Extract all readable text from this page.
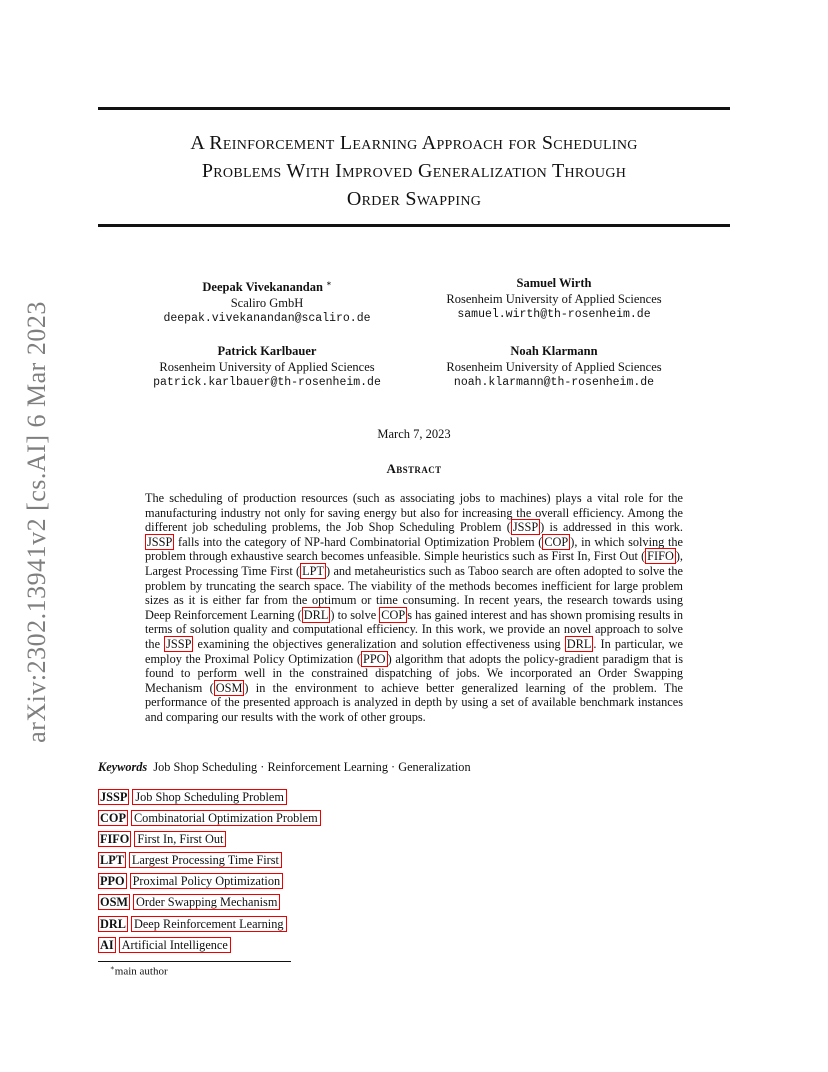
arXiv:2302.13941v2 [cs.AI] 6 Mar 2023
A Reinforcement Learning Approach for Scheduling
Problems With Improved Generalization Through
Order Swapping
Deepak Vivekanandan ∗
Scaliro GmbH
deepak.vivekanandan@scaliro.de
Samuel Wirth
Rosenheim University of Applied Sciences
samuel.wirth@th-rosenheim.de
Patrick Karlbauer
Rosenheim University of Applied Sciences
patrick.karlbauer@th-rosenheim.de
Noah Klarmann
Rosenheim University of Applied Sciences
noah.klarmann@th-rosenheim.de
March 7, 2023
Abstract
The scheduling of production resources (such as associating jobs to machines) plays a vital role for the manufacturing industry not only for saving energy but also for increasing the overall efficiency. Among the different job scheduling problems, the Job Shop Scheduling Problem ( JSSP ) is addressed in this work. JSSP falls into the category of NP-hard Combinatorial Optimization Problem ( COP ), in which solving the problem through exhaustive search becomes unfeasible. Simple heuristics such as First In, First Out ( FIFO ), Largest Processing Time First ( LPT ) and metaheuristics such as Taboo search are often adopted to solve the problem by truncating the search space. The viability of the methods becomes inefficient for large problem sizes as it is either far from the optimum or time consuming. In recent years, the research towards using Deep Reinforcement Learning ( DRL ) to solve COP s has gained interest and has shown promising results in terms of solution quality and computational efficiency. In this work, we provide an novel approach to solve the JSSP examining the objectives generalization and solution effectiveness using DRL . In particular, we employ the Proximal Policy Optimization ( PPO ) algorithm that adopts the policy-gradient paradigm that is found to perform well in the constrained dispatching of jobs. We incorporated an Order Swapping Mechanism ( OSM ) in the environment to achieve better generalized learning of the problem. The performance of the presented approach is analyzed in depth by using a set of available benchmark instances and comparing our results with the work of other groups.
Keywords Job Shop Scheduling · Reinforcement Learning · Generalization
JSSP Job Shop Scheduling Problem
COP Combinatorial Optimization Problem
FIFO First In, First Out
LPT Largest Processing Time First
PPO Proximal Policy Optimization
OSM Order Swapping Mechanism
DRL Deep Reinforcement Learning
AI Artificial Intelligence
∗main author
